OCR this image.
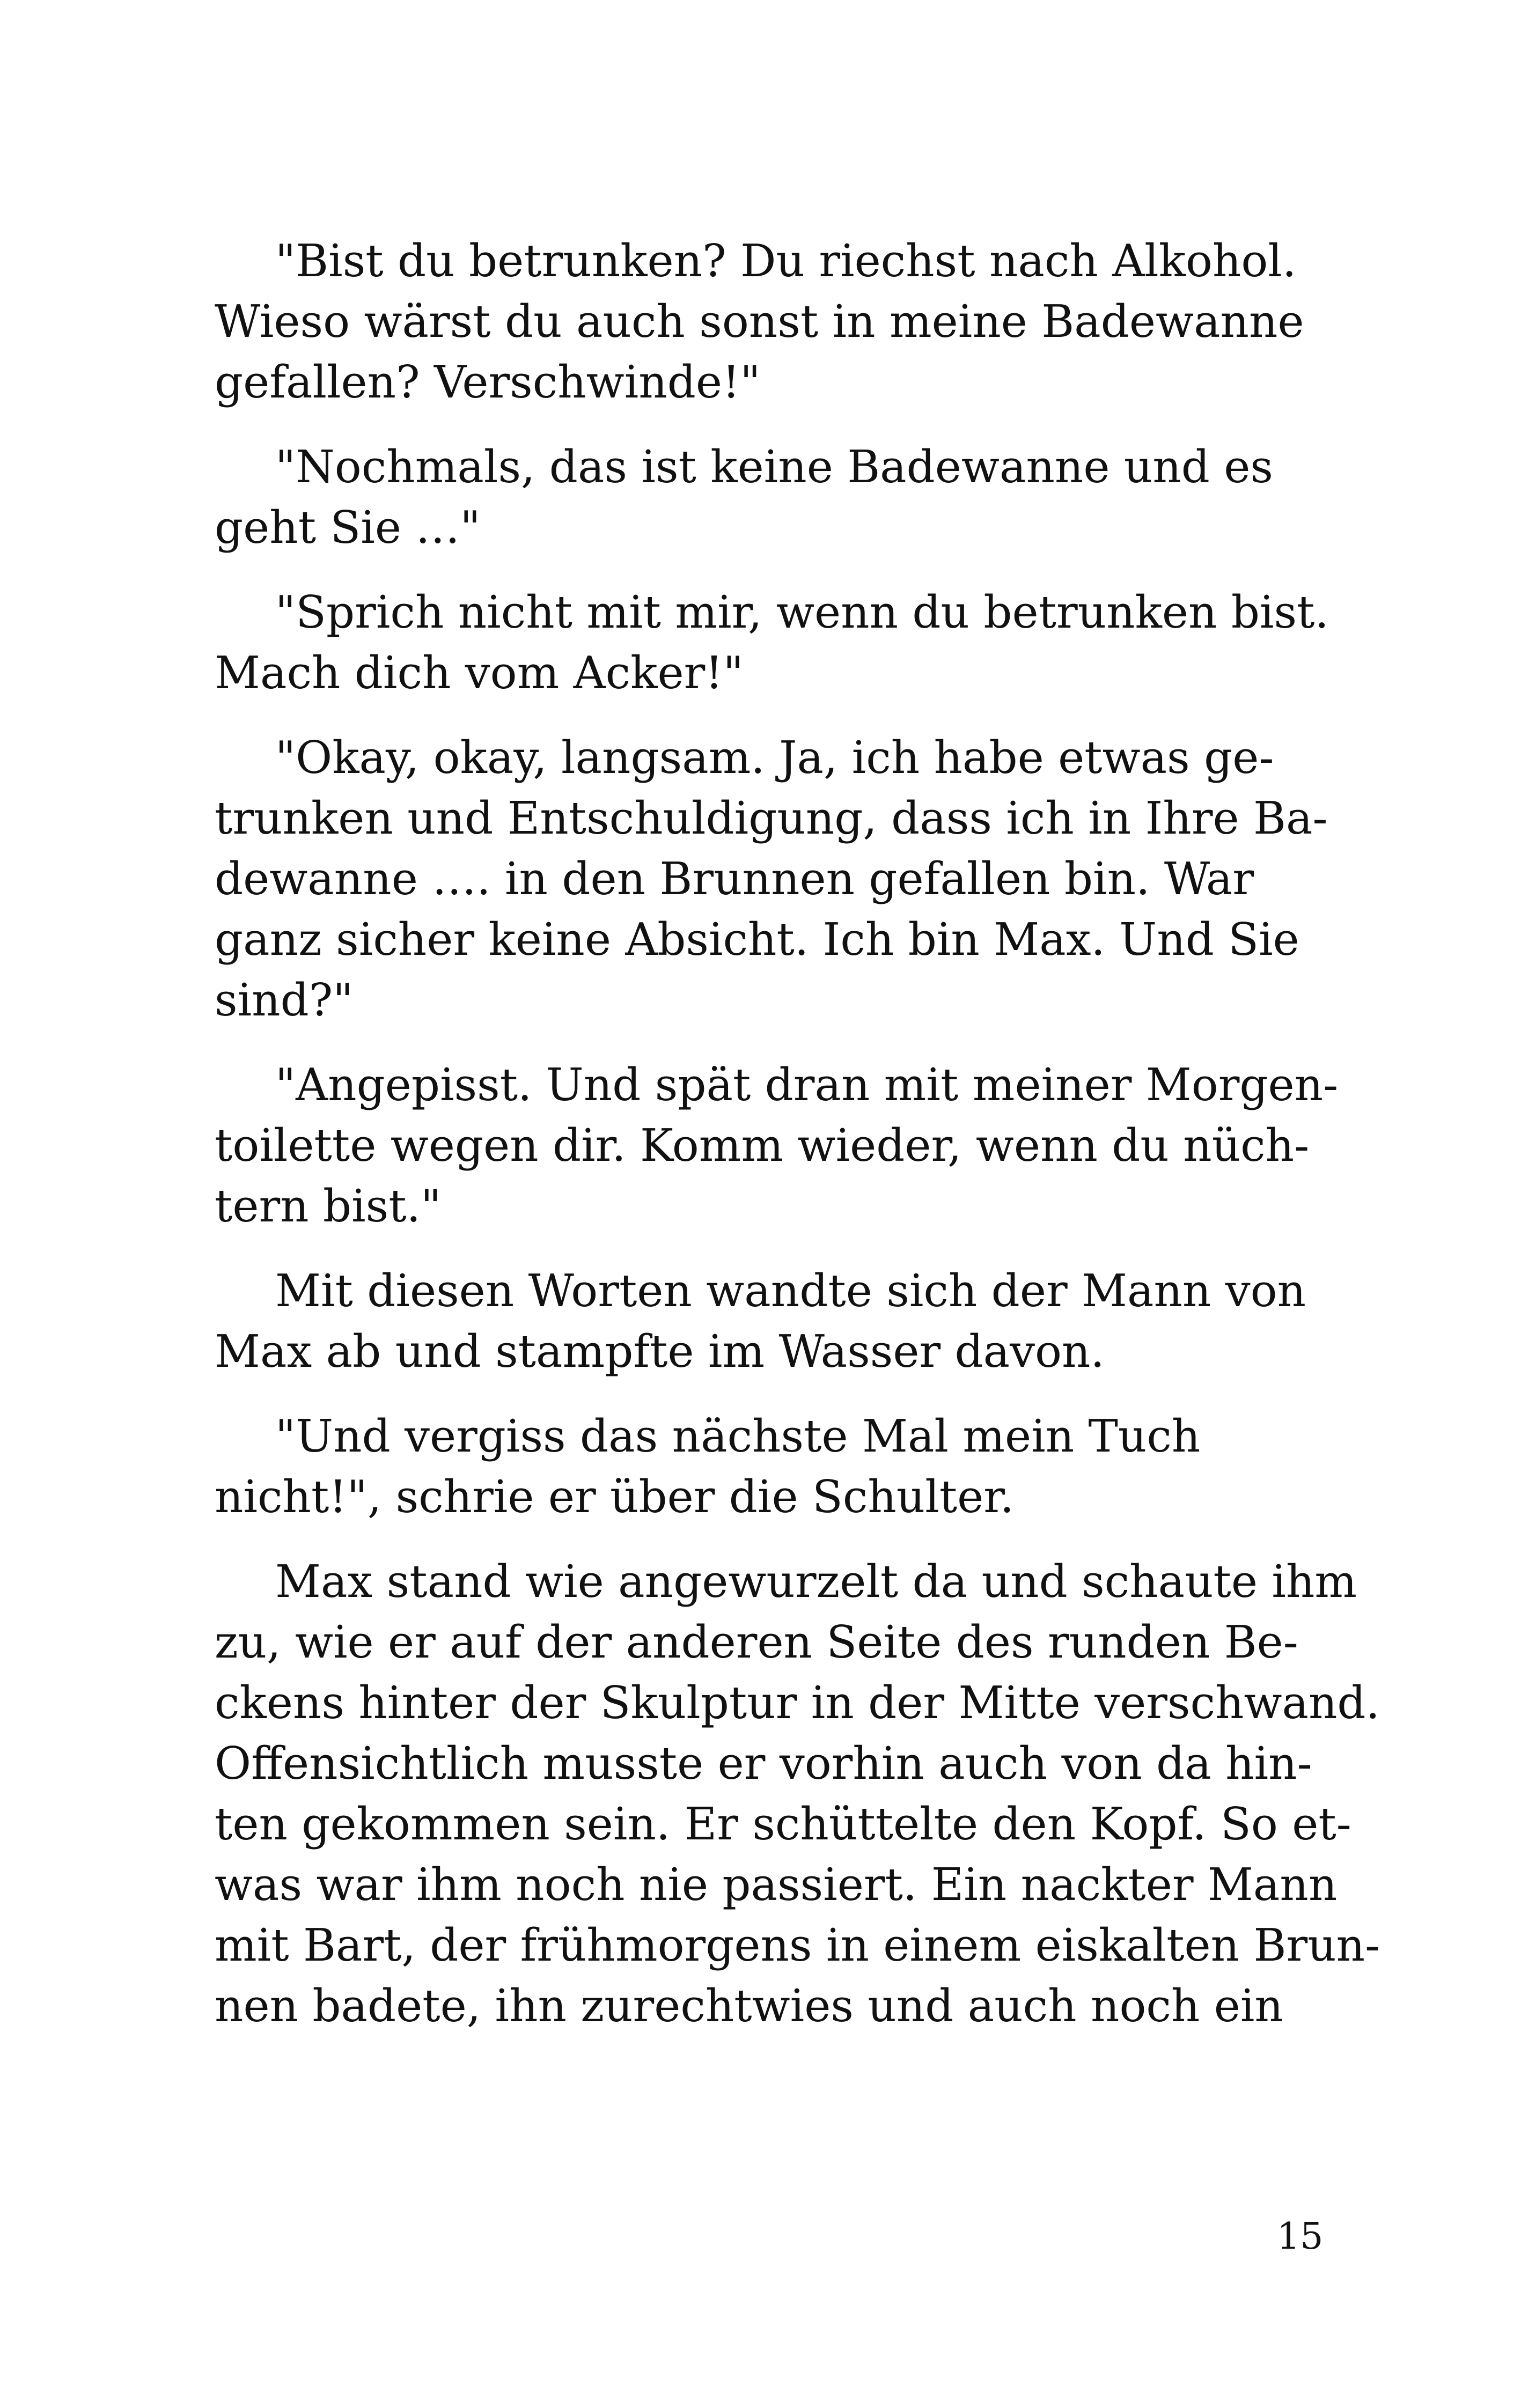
"Bist du betrunken? Du riechst nach Alkohol.
Wieso wärst du auch sonst in meine Badewanne
gefallen? Verschwinde!"
"Nochmals, das ist keine Badewanne und es
geht Sie …"
"Sprich nicht mit mir, wenn du betrunken bist.
Mach dich vom Acker!"
"Okay, okay, langsam. Ja, ich habe etwas ge-
trunken und Entschuldigung, dass ich in Ihre Ba-
dewanne …. in den Brunnen gefallen bin. War
ganz sicher keine Absicht. Ich bin Max. Und Sie
sind?"
"Angepisst. Und spät dran mit meiner Morgen-
toilette wegen dir. Komm wieder, wenn du nüch-
tern bist."
Mit diesen Worten wandte sich der Mann von
Max ab und stampfte im Wasser davon.
"Und vergiss das nächste Mal mein Tuch
nicht!", schrie er über die Schulter.
Max stand wie angewurzelt da und schaute ihm
zu, wie er auf der anderen Seite des runden Be-
ckens hinter der Skulptur in der Mitte verschwand.
Offensichtlich musste er vorhin auch von da hin-
ten gekommen sein. Er schüttelte den Kopf. So et-
was war ihm noch nie passiert. Ein nackter Mann
mit Bart, der frühmorgens in einem eiskalten Brun-
nen badete, ihn zurechtwies und auch noch ein
15
